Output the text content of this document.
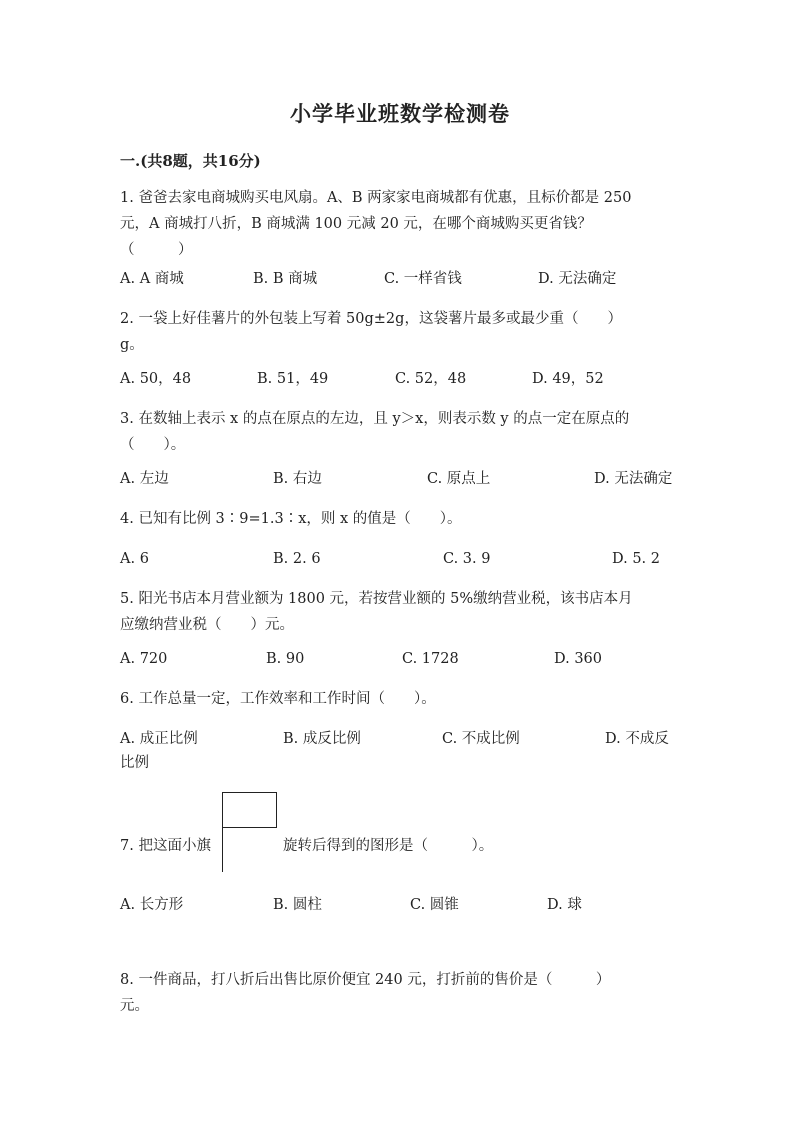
小学毕业班数学检测卷
一.(共8题，共16分)
1. 爸爸去家电商城购买电风扇。A、B 两家家电商城都有优惠，且标价都是 250
元，A 商城打八折，B 商城满 100 元减 20 元，在哪个商城购买更省钱？
（　　　）
A. A 商城	B. B 商城	C. 一样省钱	D. 无法确定
2. 一袋上好佳薯片的外包装上写着 50g±2g，这袋薯片最多或最少重（　　）
g。
A. 50，48	B. 51，49	C. 52，48	D. 49，52
3. 在数轴上表示 x 的点在原点的左边，且 y＞x，则表示数 y 的点一定在原点的
（　　）。
A. 左边	B. 右边	C. 原点上	D. 无法确定
4. 已知有比例 3∶9=1.3∶x，则 x 的值是（　　）。
A. 6	B. 2. 6	C. 3. 9	D. 5. 2
5. 阳光书店本月营业额为 1800 元，若按营业额的 5%缴纳营业税，该书店本月
应缴纳营业税（　　）元。
A. 720	B. 90	C. 1728	D. 360
6. 工作总量一定，工作效率和工作时间（　　）。
A. 成正比例	B. 成反比例	C. 不成比例	D. 不成反
比例
7. 把这面小旗	旋转后得到的图形是（　　　）。
A. 长方形	B. 圆柱	C. 圆锥	D. 球
8. 一件商品，打八折后出售比原价便宜 240 元，打折前的售价是（　　　）
元。
